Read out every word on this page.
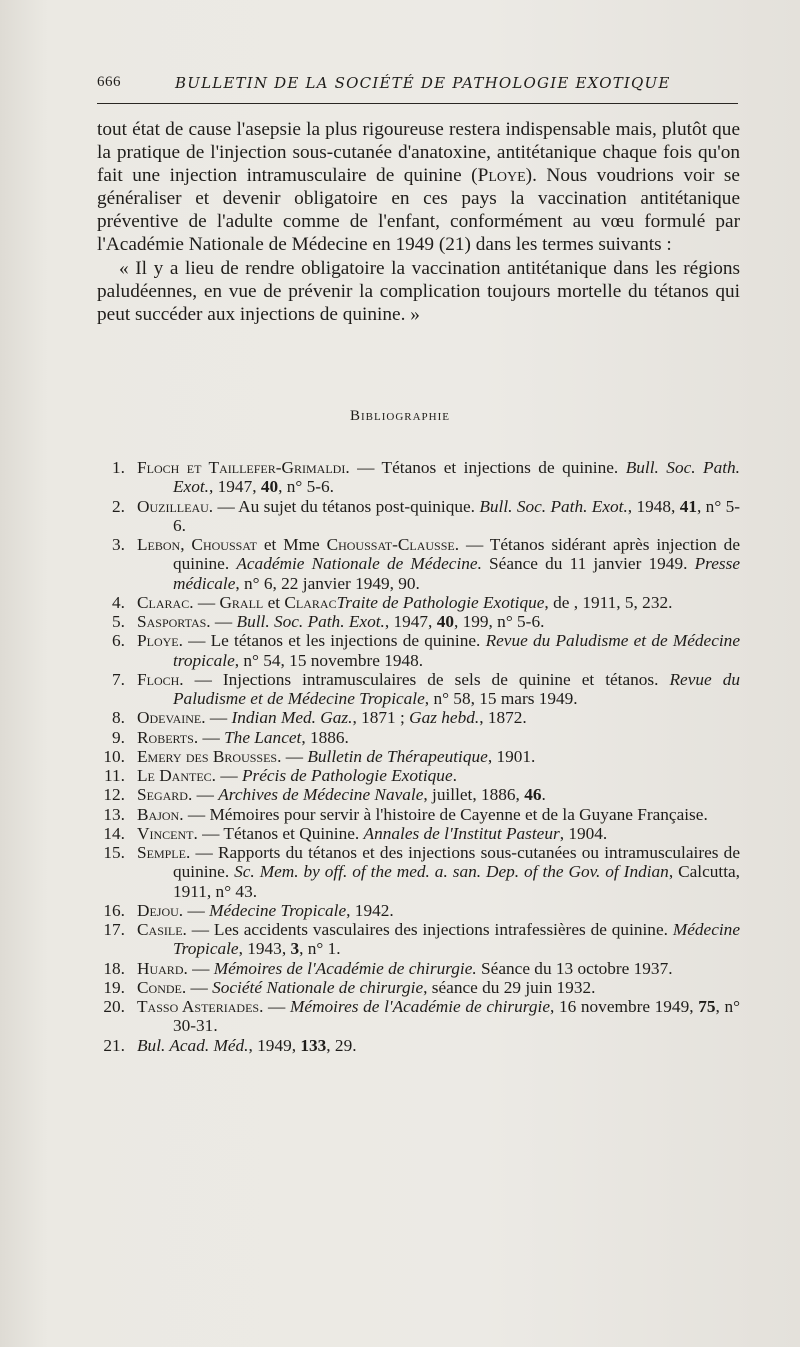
666	BULLETIN DE LA SOCIÉTÉ DE PATHOLOGIE EXOTIQUE

tout état de cause l'asepsie la plus rigoureuse restera indispensable mais, plutôt que la pratique de l'injection sous-cutanée d'anatoxine, antitétanique chaque fois qu'on fait une injection intramusculaire de quinine (Ploye). Nous voudrions voir se généraliser et devenir obligatoire en ces pays la vaccination antitétanique préventive de l'adulte comme de l'enfant, conformément au vœu formulé par l'Académie Nationale de Médecine en 1949 (21) dans les termes suivants :

« Il y a lieu de rendre obligatoire la vaccination antitétanique dans les régions paludéennes, en vue de prévenir la complication toujours mortelle du tétanos qui peut succéder aux injections de quinine. »

Bibliographie
1. Floch et Taillefer-Grimaldi. — Tétanos et injections de quinine. Bull. Soc. Path. Exot., 1947, 40, n° 5-6.
2. Ouzilleau. — Au sujet du tétanos post-quinique. Bull. Soc. Path. Exot., 1948, 41, n° 5-6.
3. Lebon, Choussat et Mme Choussat-Clausse. — Tétanos sidérant après injection de quinine. Académie Nationale de Médecine. Séance du 11 janvier 1949. Presse médicale, n° 6, 22 janvier 1949, 90.
4. Clarac. — Grall et ClaracTraite de Pathologie Exotique, de , 1911, 5, 232.
5. Sasportas. — Bull. Soc. Path. Exot., 1947, 40, 199, n° 5-6.
6. Ploye. — Le tétanos et les injections de quinine. Revue du Paludisme et de Médecine tropicale, n° 54, 15 novembre 1948.
7. Floch. — Injections intramusculaires de sels de quinine et tétanos. Revue du Paludisme et de Médecine Tropicale, n° 58, 15 mars 1949.
8. Odevaine. — Indian Med. Gaz., 1871 ; Gaz hebd., 1872.
9. Roberts. — The Lancet, 1886.
10. Emery des Brousses. — Bulletin de Thérapeutique, 1901.
11. Le Dantec. — Précis de Pathologie Exotique.
12. Segard. — Archives de Médecine Navale, juillet, 1886, 46.
13. Bajon. — Mémoires pour servir à l'histoire de Cayenne et de la Guyane Française.
14. Vincent. — Tétanos et Quinine. Annales de l'Institut Pasteur, 1904.
15. Semple. — Rapports du tétanos et des injections sous-cutanées ou intramusculaires de quinine. Sc. Mem. by off. of the med. a. san. Dep. of the Gov. of Indian, Calcutta, 1911, n° 43.
16. Dejou. — Médecine Tropicale, 1942.
17. Casile. — Les accidents vasculaires des injections intrafessières de quinine. Médecine Tropicale, 1943, 3, n° 1.
18. Huard. — Mémoires de l'Académie de chirurgie. Séance du 13 octobre 1937.
19. Conde. — Société Nationale de chirurgie, séance du 29 juin 1932.
20. Tasso Asteriades. — Mémoires de l'Académie de chirurgie, 16 novembre 1949, 75, n° 30-31.
21. Bul. Acad. Méd., 1949, 133, 29.
